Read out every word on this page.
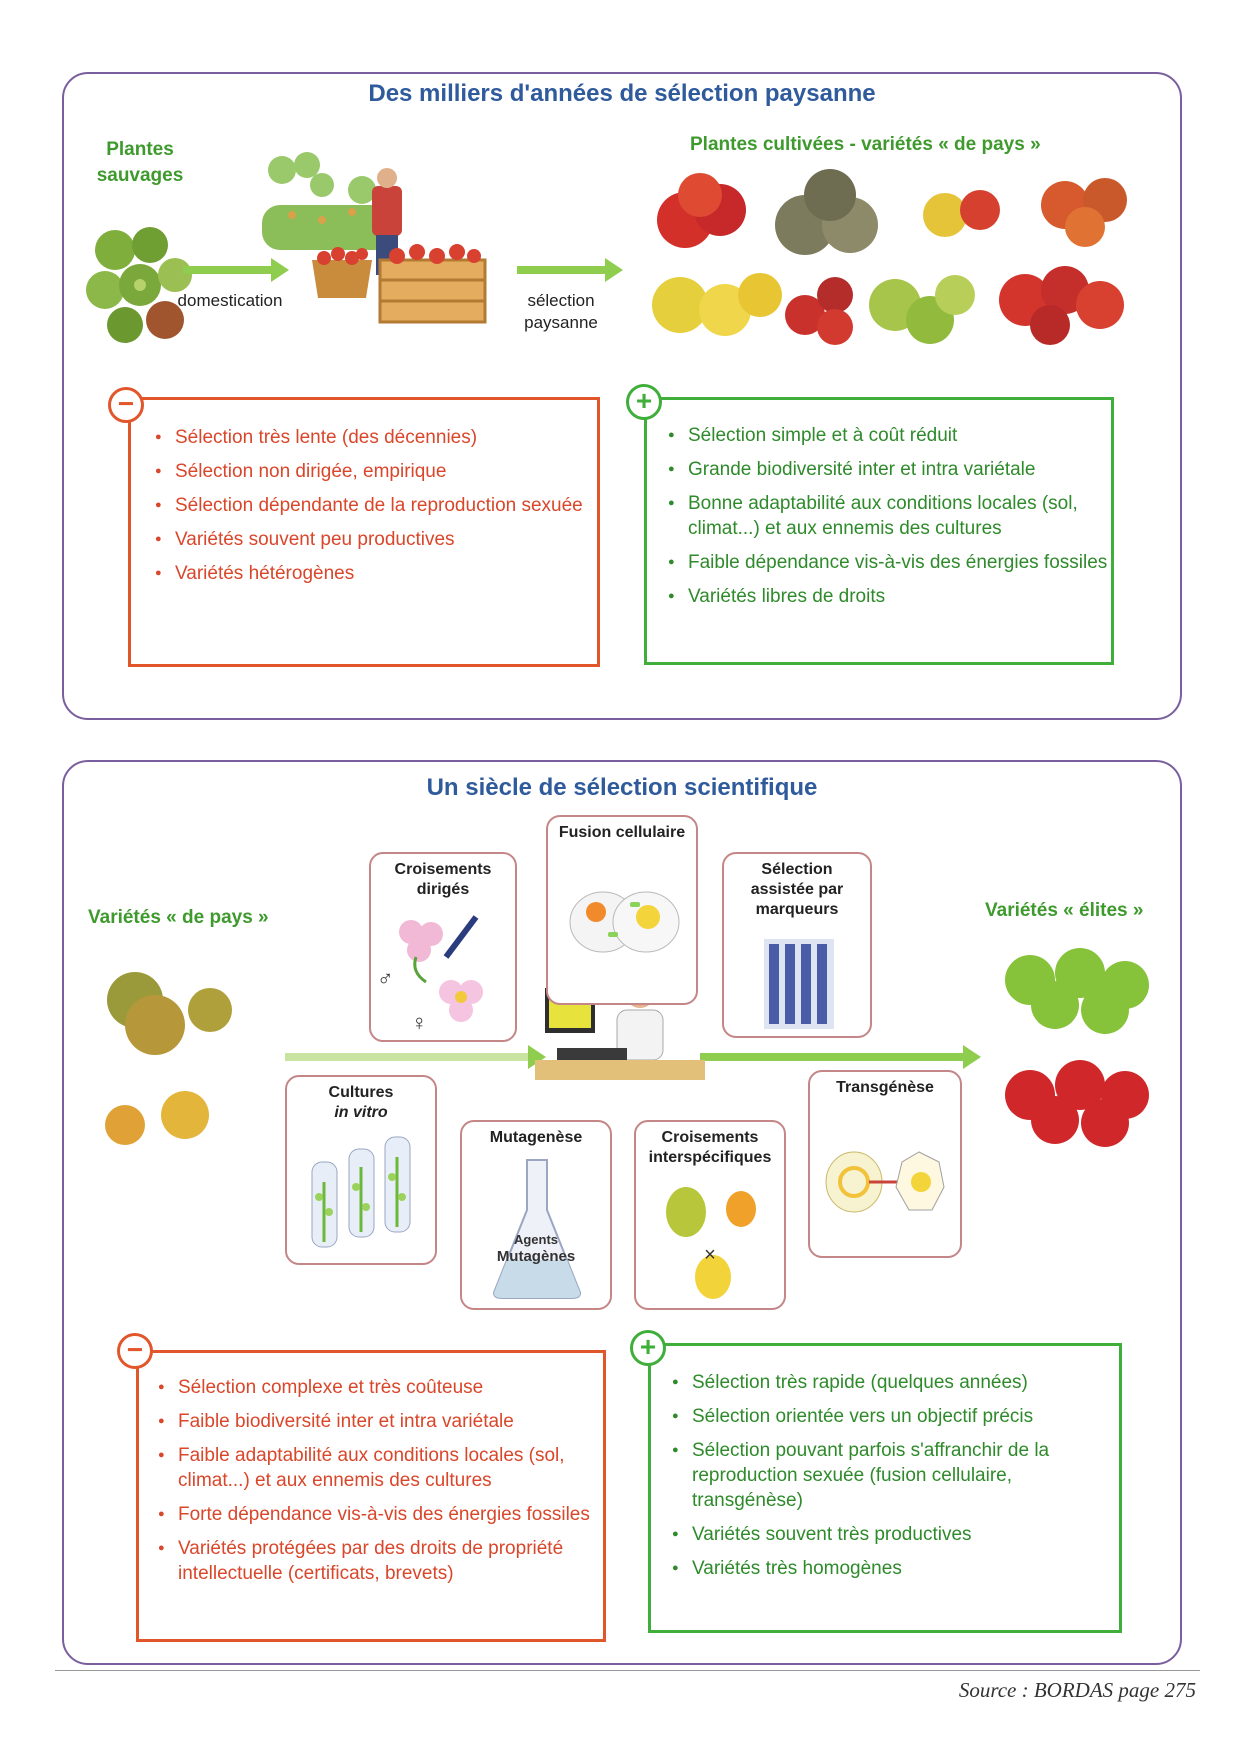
Des milliers d'années de sélection paysanne
Plantes sauvages
domestication	sélection paysanne
Plantes cultivées - variétés « de pays »
−
● Sélection très lente (des décennies)
● Sélection non dirigée, empirique
● Sélection dépendante de la reproduction sexuée
● Variétés souvent peu productives
● Variétés hétérogènes
+
● Sélection simple et à coût réduit
● Grande biodiversité inter et intra variétale
● Bonne adaptabilité aux conditions locales (sol, climat...) et aux ennemis des cultures
● Faible dépendance vis-à-vis des énergies fossiles
● Variétés libres de droits
Un siècle de sélection scientifique
Variétés « de pays »	Variétés « élites »
Croisements dirigés
♂
♀
Fusion cellulaire
Sélection assistée par marqueurs
Cultures
in vitro
Mutagenèse
Agents
Mutagènes
Croisements interspécifiques
×
Transgénèse
−
● Sélection complexe et très coûteuse
● Faible biodiversité inter et intra variétale
● Faible adaptabilité aux conditions locales (sol, climat...) et aux ennemis des cultures
● Forte dépendance vis-à-vis des énergies fossiles
● Variétés protégées par des droits de propriété intellectuelle (certificats, brevets)
+
● Sélection très rapide (quelques années)
● Sélection orientée vers un objectif précis
● Sélection pouvant parfois s'affranchir de la reproduction sexuée (fusion cellulaire, transgénèse)
● Variétés souvent très productives
● Variétés très homogènes
Source : BORDAS page 275
